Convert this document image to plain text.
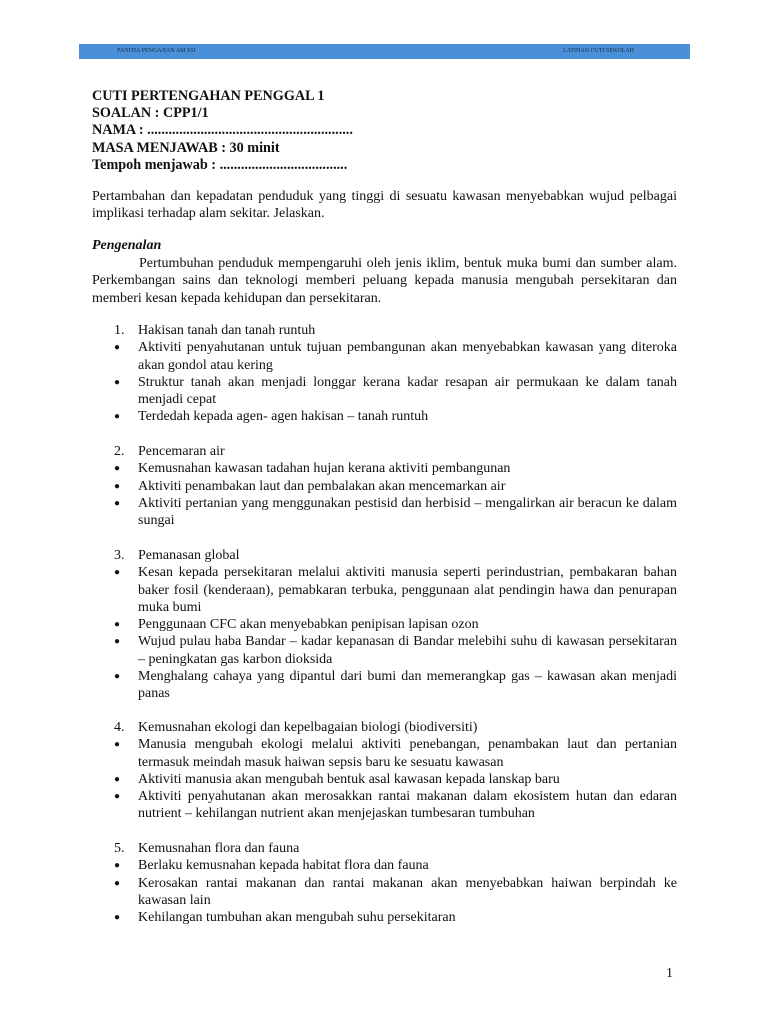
PANITIA PENGAJIAN AM SSI	LATIHAN CUTI SEKOLAH
CUTI PERTENGAHAN PENGGAL 1
SOALAN : CPP1/1
NAMA : ..........................................................
MASA MENJAWAB : 30 minit
Tempoh menjawab : ....................................
Pertambahan dan kepadatan penduduk yang tinggi di sesuatu kawasan menyebabkan wujud pelbagai implikasi terhadap alam sekitar. Jelaskan.
Pengenalan
Pertumbuhan penduduk mempengaruhi oleh jenis iklim, bentuk muka bumi dan sumber alam. Perkembangan sains dan teknologi memberi peluang kepada manusia mengubah persekitaran dan memberi kesan kepada kehidupan dan persekitaran.
1. Hakisan tanah dan tanah runtuh
● Aktiviti penyahutanan untuk tujuan pembangunan akan menyebabkan kawasan yang diteroka akan gondol atau kering
● Struktur tanah akan menjadi longgar kerana kadar resapan air permukaan ke dalam tanah menjadi cepat
● Terdedah kepada agen- agen hakisan – tanah runtuh
2. Pencemaran air
● Kemusnahan kawasan tadahan hujan kerana aktiviti pembangunan
● Aktiviti penambakan laut dan pembalakan akan mencemarkan air
● Aktiviti pertanian yang menggunakan pestisid dan herbisid – mengalirkan air beracun ke dalam sungai
3. Pemanasan global
● Kesan kepada persekitaran melalui aktiviti manusia seperti perindustrian, pembakaran bahan baker fosil (kenderaan), pemabkaran terbuka, penggunaan alat pendingin hawa dan penurapan muka bumi
● Penggunaan CFC akan menyebabkan penipisan lapisan ozon
● Wujud pulau haba Bandar – kadar kepanasan di Bandar melebihi suhu di kawasan persekitaran – peningkatan gas karbon dioksida
● Menghalang cahaya yang dipantul dari bumi dan memerangkap gas – kawasan akan menjadi panas
4. Kemusnahan ekologi dan kepelbagaian biologi (biodiversiti)
● Manusia mengubah ekologi melalui aktiviti penebangan, penambakan laut dan pertanian termasuk meindah masuk haiwan sepsis baru ke sesuatu kawasan
● Aktiviti manusia akan mengubah bentuk asal kawasan kepada lanskap baru
● Aktiviti penyahutanan akan merosakkan rantai makanan dalam ekosistem hutan dan edaran nutrient – kehilangan nutrient akan menjejaskan tumbesaran tumbuhan
5. Kemusnahan flora dan fauna
● Berlaku kemusnahan kepada habitat flora dan fauna
● Kerosakan rantai makanan dan rantai makanan akan menyebabkan haiwan berpindah ke kawasan lain
● Kehilangan tumbuhan akan mengubah suhu persekitaran
1
